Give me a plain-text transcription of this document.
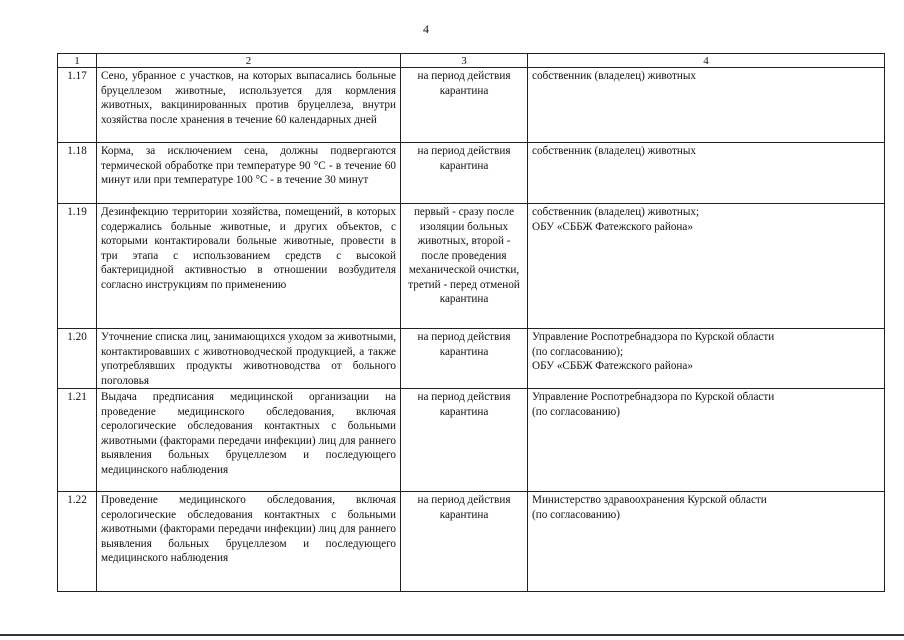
4
1	2	3	4
1.17	Сено, убранное с участков, на которых выпасались больные бруцеллезом животные, используется для кормления животных, вакцинированных против бруцеллеза, внутри хозяйства после хранения в течение 60 календарных дней	на период действия карантина	собственник (владелец) животных

1.18	Корма, за исключением сена, должны подвергаются термической обработке при температуре 90 °С - в течение 60 минут или при температуре 100 °С - в течение 30 минут	на период действия карантина	собственник (владелец) животных

1.19	Дезинфекцию территории хозяйства, помещений, в которых содержались больные животные, и других объектов, с которыми контактировали больные животные, провести в три этапа с использованием средств с высокой бактерицидной активностью в отношении возбудителя согласно инструкциям по применению	первый - сразу после изоляции больных животных, второй - после проведения механической очистки, третий - перед отменой карантина	собственник (владелец) животных;
ОБУ «СББЖ Фатежского района»

1.20	Уточнение списка лиц, занимающихся уходом за животными, контактировавших с животноводческой продукцией, а также употреблявших продукты животноводства от больного поголовья	на период действия карантина	Управление Роспотребнадзора по Курской области
(по согласованию);
ОБУ «СББЖ Фатежского района»

1.21	Выдача предписания медицинской организации на проведение медицинского обследования, включая серологические обследования контактных с больными животными (факторами передачи инфекции) лиц для раннего выявления больных бруцеллезом и последующего медицинского наблюдения	на период действия карантина	Управление Роспотребнадзора по Курской области
(по согласованию)

1.22	Проведение медицинского обследования, включая серологические обследования контактных с больными животными (факторами передачи инфекции) лиц для раннего выявления больных бруцеллезом и последующего медицинского наблюдения	на период действия карантина	Министерство здравоохранения Курской области
(по согласованию)
